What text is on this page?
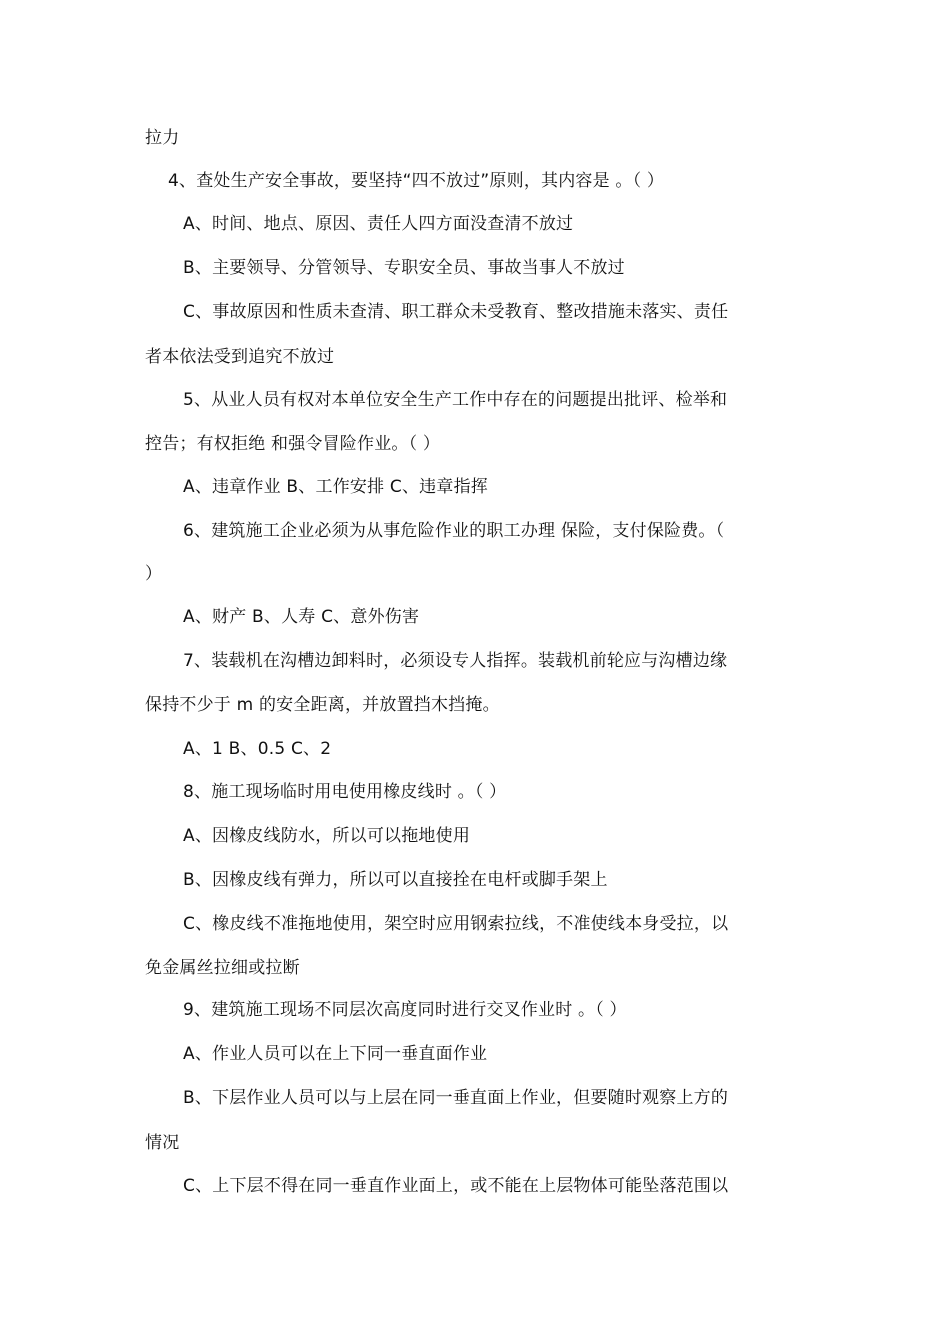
拉力
4、查处生产安全事故，要坚持“四不放过”原则，其内容是 。（ ）
A、时间、地点、原因、责任人四方面没查清不放过
B、主要领导、分管领导、专职安全员、事故当事人不放过
C、事故原因和性质未查清、职工群众未受教育、整改措施未落实、责任
者本依法受到追究不放过
5、从业人员有权对本单位安全生产工作中存在的问题提出批评、检举和
控告；有权拒绝 和强令冒险作业。（ ）
A、违章作业 B、工作安排 C、违章指挥
6、建筑施工企业必须为从事危险作业的职工办理 保险，支付保险费。（
）
A、财产 B、人寿 C、意外伤害
7、装载机在沟槽边卸料时，必须设专人指挥。装载机前轮应与沟槽边缘
保持不少于 m 的安全距离，并放置挡木挡掩。
A、1 B、0.5 C、2
8、施工现场临时用电使用橡皮线时 。（ ）
A、因橡皮线防水，所以可以拖地使用
B、因橡皮线有弹力，所以可以直接拴在电杆或脚手架上
C、橡皮线不准拖地使用，架空时应用钢索拉线，不准使线本身受拉，以
免金属丝拉细或拉断
9、建筑施工现场不同层次高度同时进行交叉作业时 。（ ）
A、作业人员可以在上下同一垂直面作业
B、下层作业人员可以与上层在同一垂直面上作业，但要随时观察上方的
情况
C、上下层不得在同一垂直作业面上，或不能在上层物体可能坠落范围以
